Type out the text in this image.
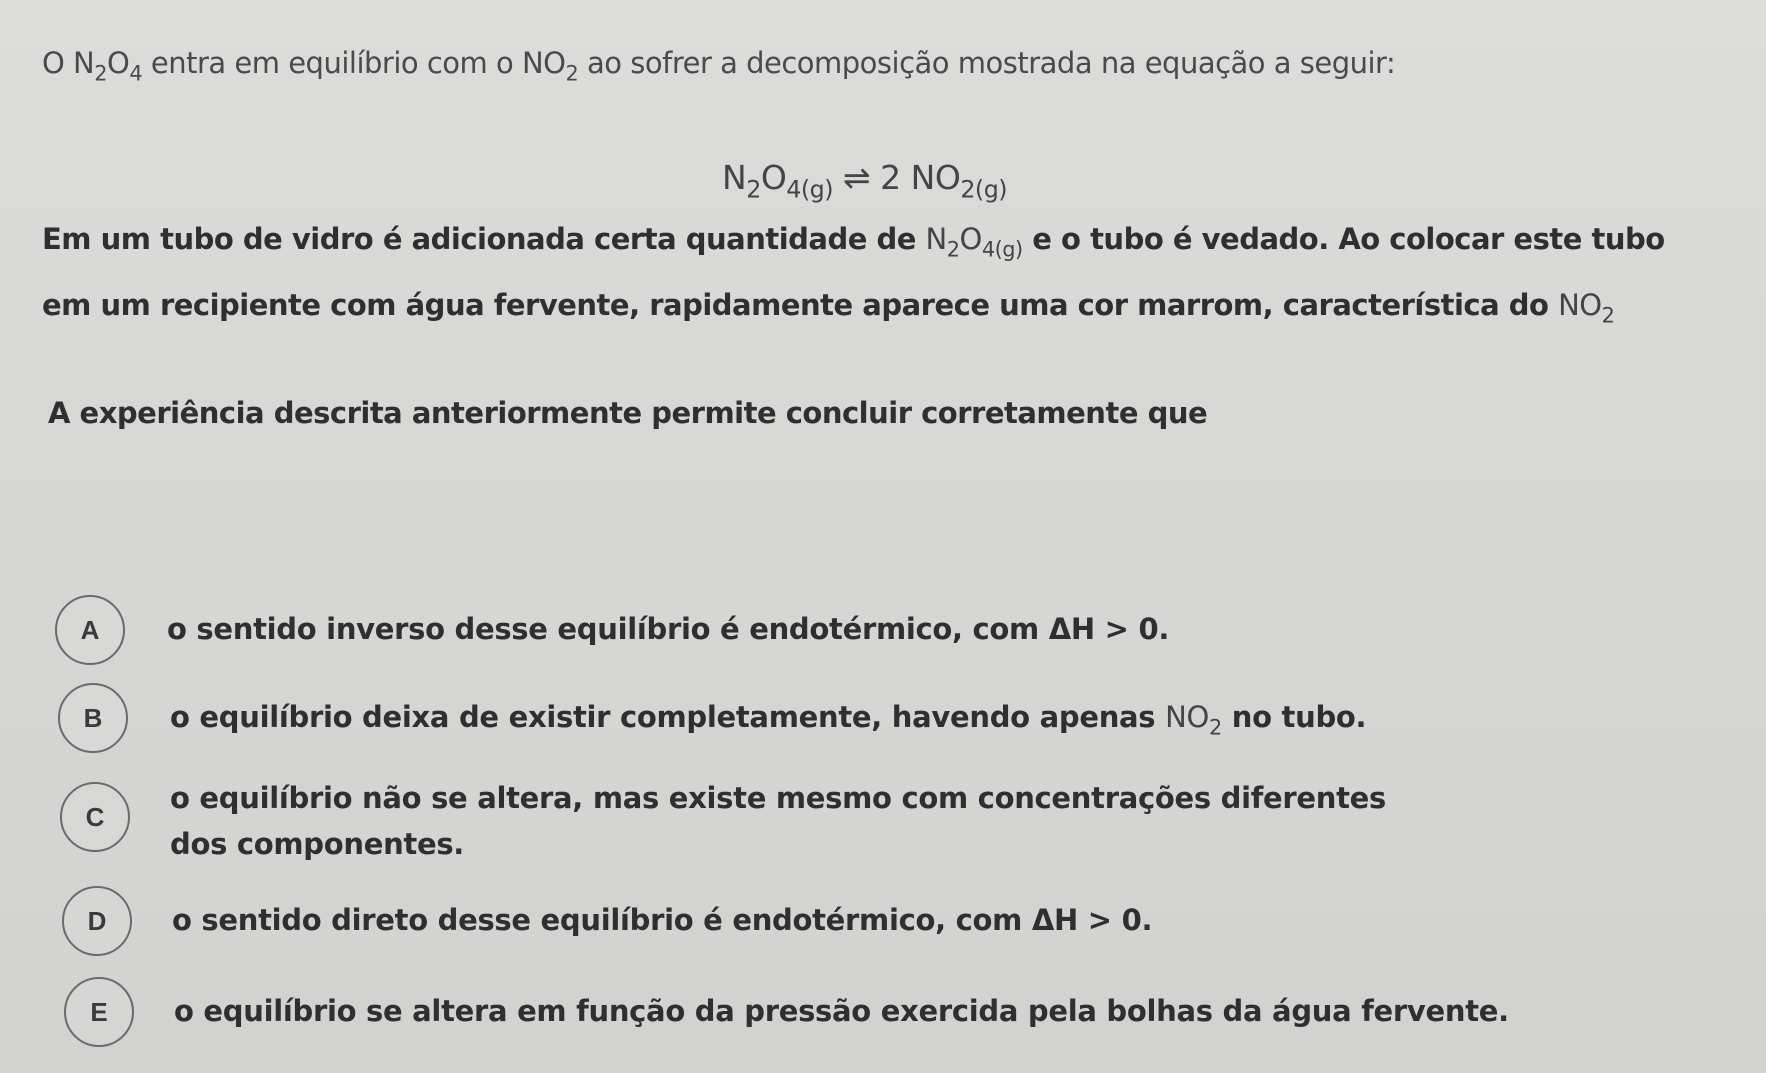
O $N_2O_4$ entra em equilíbrio com o $NO_2$ ao sofrer a decomposição mostrada na equação a seguir:
$N_2O_{4(g)}$ ⇌ 2 $NO_{2(g)}$
Em um tubo de vidro é adicionada certa quantidade de $N_2O_{4(g)}$ e o tubo é vedado. Ao colocar este tubo
em um recipiente com água fervente, rapidamente aparece uma cor marrom, característica do $NO_2$
A experiência descrita anteriormente permite concluir corretamente que
A	o sentido inverso desse equilíbrio é endotérmico, com ΔH > 0.
B	o equilíbrio deixa de existir completamente, havendo apenas $NO_2$ no tubo.
C
o equilíbrio não se altera, mas existe mesmo com concentrações diferentes dos componentes.
D	o sentido direto desse equilíbrio é endotérmico, com ΔH > 0.
E	o equilíbrio se altera em função da pressão exercida pela bolhas da água fervente.
